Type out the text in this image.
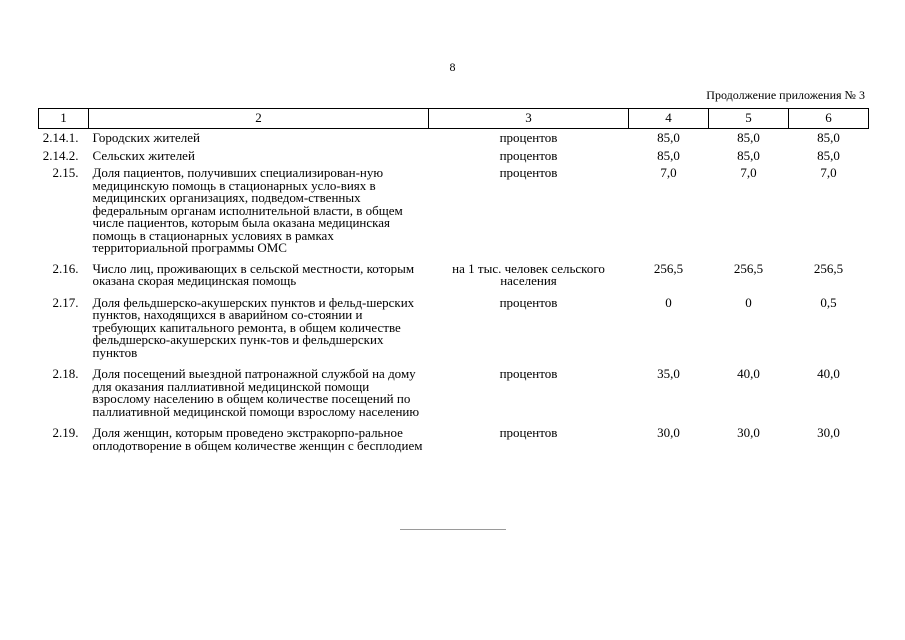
8
Продолжение приложения № 3
1	2	3	4	5	6
2.14.1.	Городских жителей	процентов	85,0	85,0	85,0
2.14.2.	Сельских жителей	процентов	85,0	85,0	85,0
2.15.	Доля пациентов, получивших специализирован-ную медицинскую помощь в стационарных усло-виях в медицинских организациях, подведом-ственных федеральным органам исполнительной власти, в общем числе пациентов, которым была оказана медицинская помощь в стационарных условиях в рамках территориальной программы ОМС	процентов	7,0	7,0	7,0
2.16.	Число лиц, проживающих в сельской местности, которым оказана скорая медицинская помощь	на 1 тыс. человек сельского населения	256,5	256,5	256,5
2.17.	Доля фельдшерско-акушерских пунктов и фельд-шерских пунктов, находящихся в аварийном со-стоянии и требующих капитального ремонта, в общем количестве фельдшерско-акушерских пунк-тов и фельдшерских пунктов	процентов	0	0	0,5
2.18.	Доля посещений выездной патронажной службой на дому для оказания паллиативной медицинской помощи взрослому населению в общем количестве посещений по паллиативной медицинской помощи взрослому населению	процентов	35,0	40,0	40,0
2.19.	Доля женщин, которым проведено экстракорпо-ральное оплодотворение в общем количестве женщин с бесплодием	процентов	30,0	30,0	30,0
